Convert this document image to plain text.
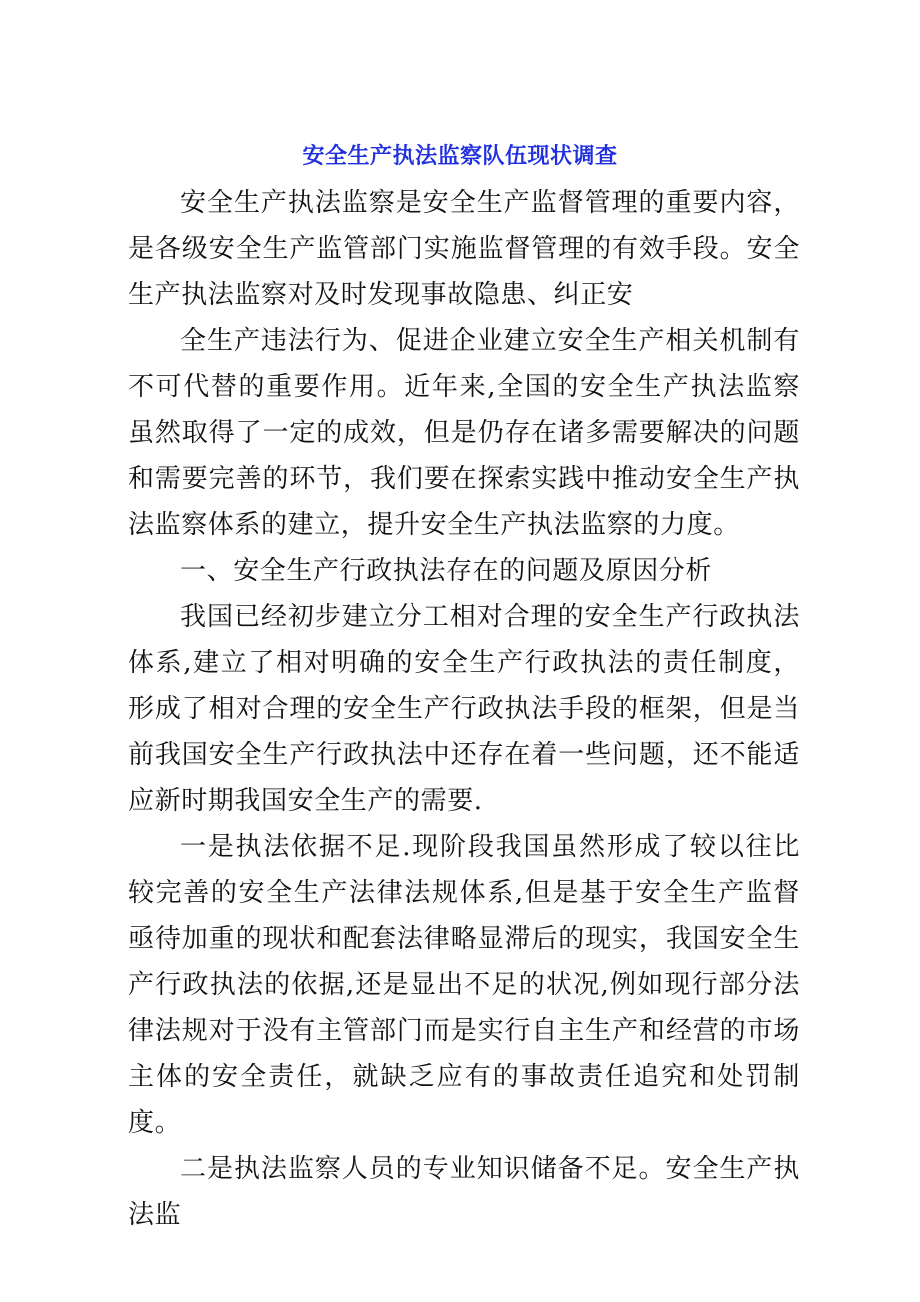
安全生产执法监察队伍现状调查

安全生产执法监察是安全生产监督管理的重要内容，是各级安全生产监管部门实施监督管理的有效手段。安全生产执法监察对及时发现事故隐患、纠正安

全生产违法行为、促进企业建立安全生产相关机制有不可代替的重要作用。近年来,全国的安全生产执法监察虽然取得了一定的成效，但是仍存在诸多需要解决的问题和需要完善的环节，我们要在探索实践中推动安全生产执法监察体系的建立，提升安全生产执法监察的力度。

一、安全生产行政执法存在的问题及原因分析

我国已经初步建立分工相对合理的安全生产行政执法体系,建立了相对明确的安全生产行政执法的责任制度，形成了相对合理的安全生产行政执法手段的框架，但是当前我国安全生产行政执法中还存在着一些问题，还不能适应新时期我国安全生产的需要.

一是执法依据不足.现阶段我国虽然形成了较以往比较完善的安全生产法律法规体系,但是基于安全生产监督亟待加重的现状和配套法律略显滞后的现实，我国安全生产行政执法的依据,还是显出不足的状况,例如现行部分法律法规对于没有主管部门而是实行自主生产和经营的市场主体的安全责任，就缺乏应有的事故责任追究和处罚制度。

二是执法监察人员的专业知识储备不足。安全生产执法监
